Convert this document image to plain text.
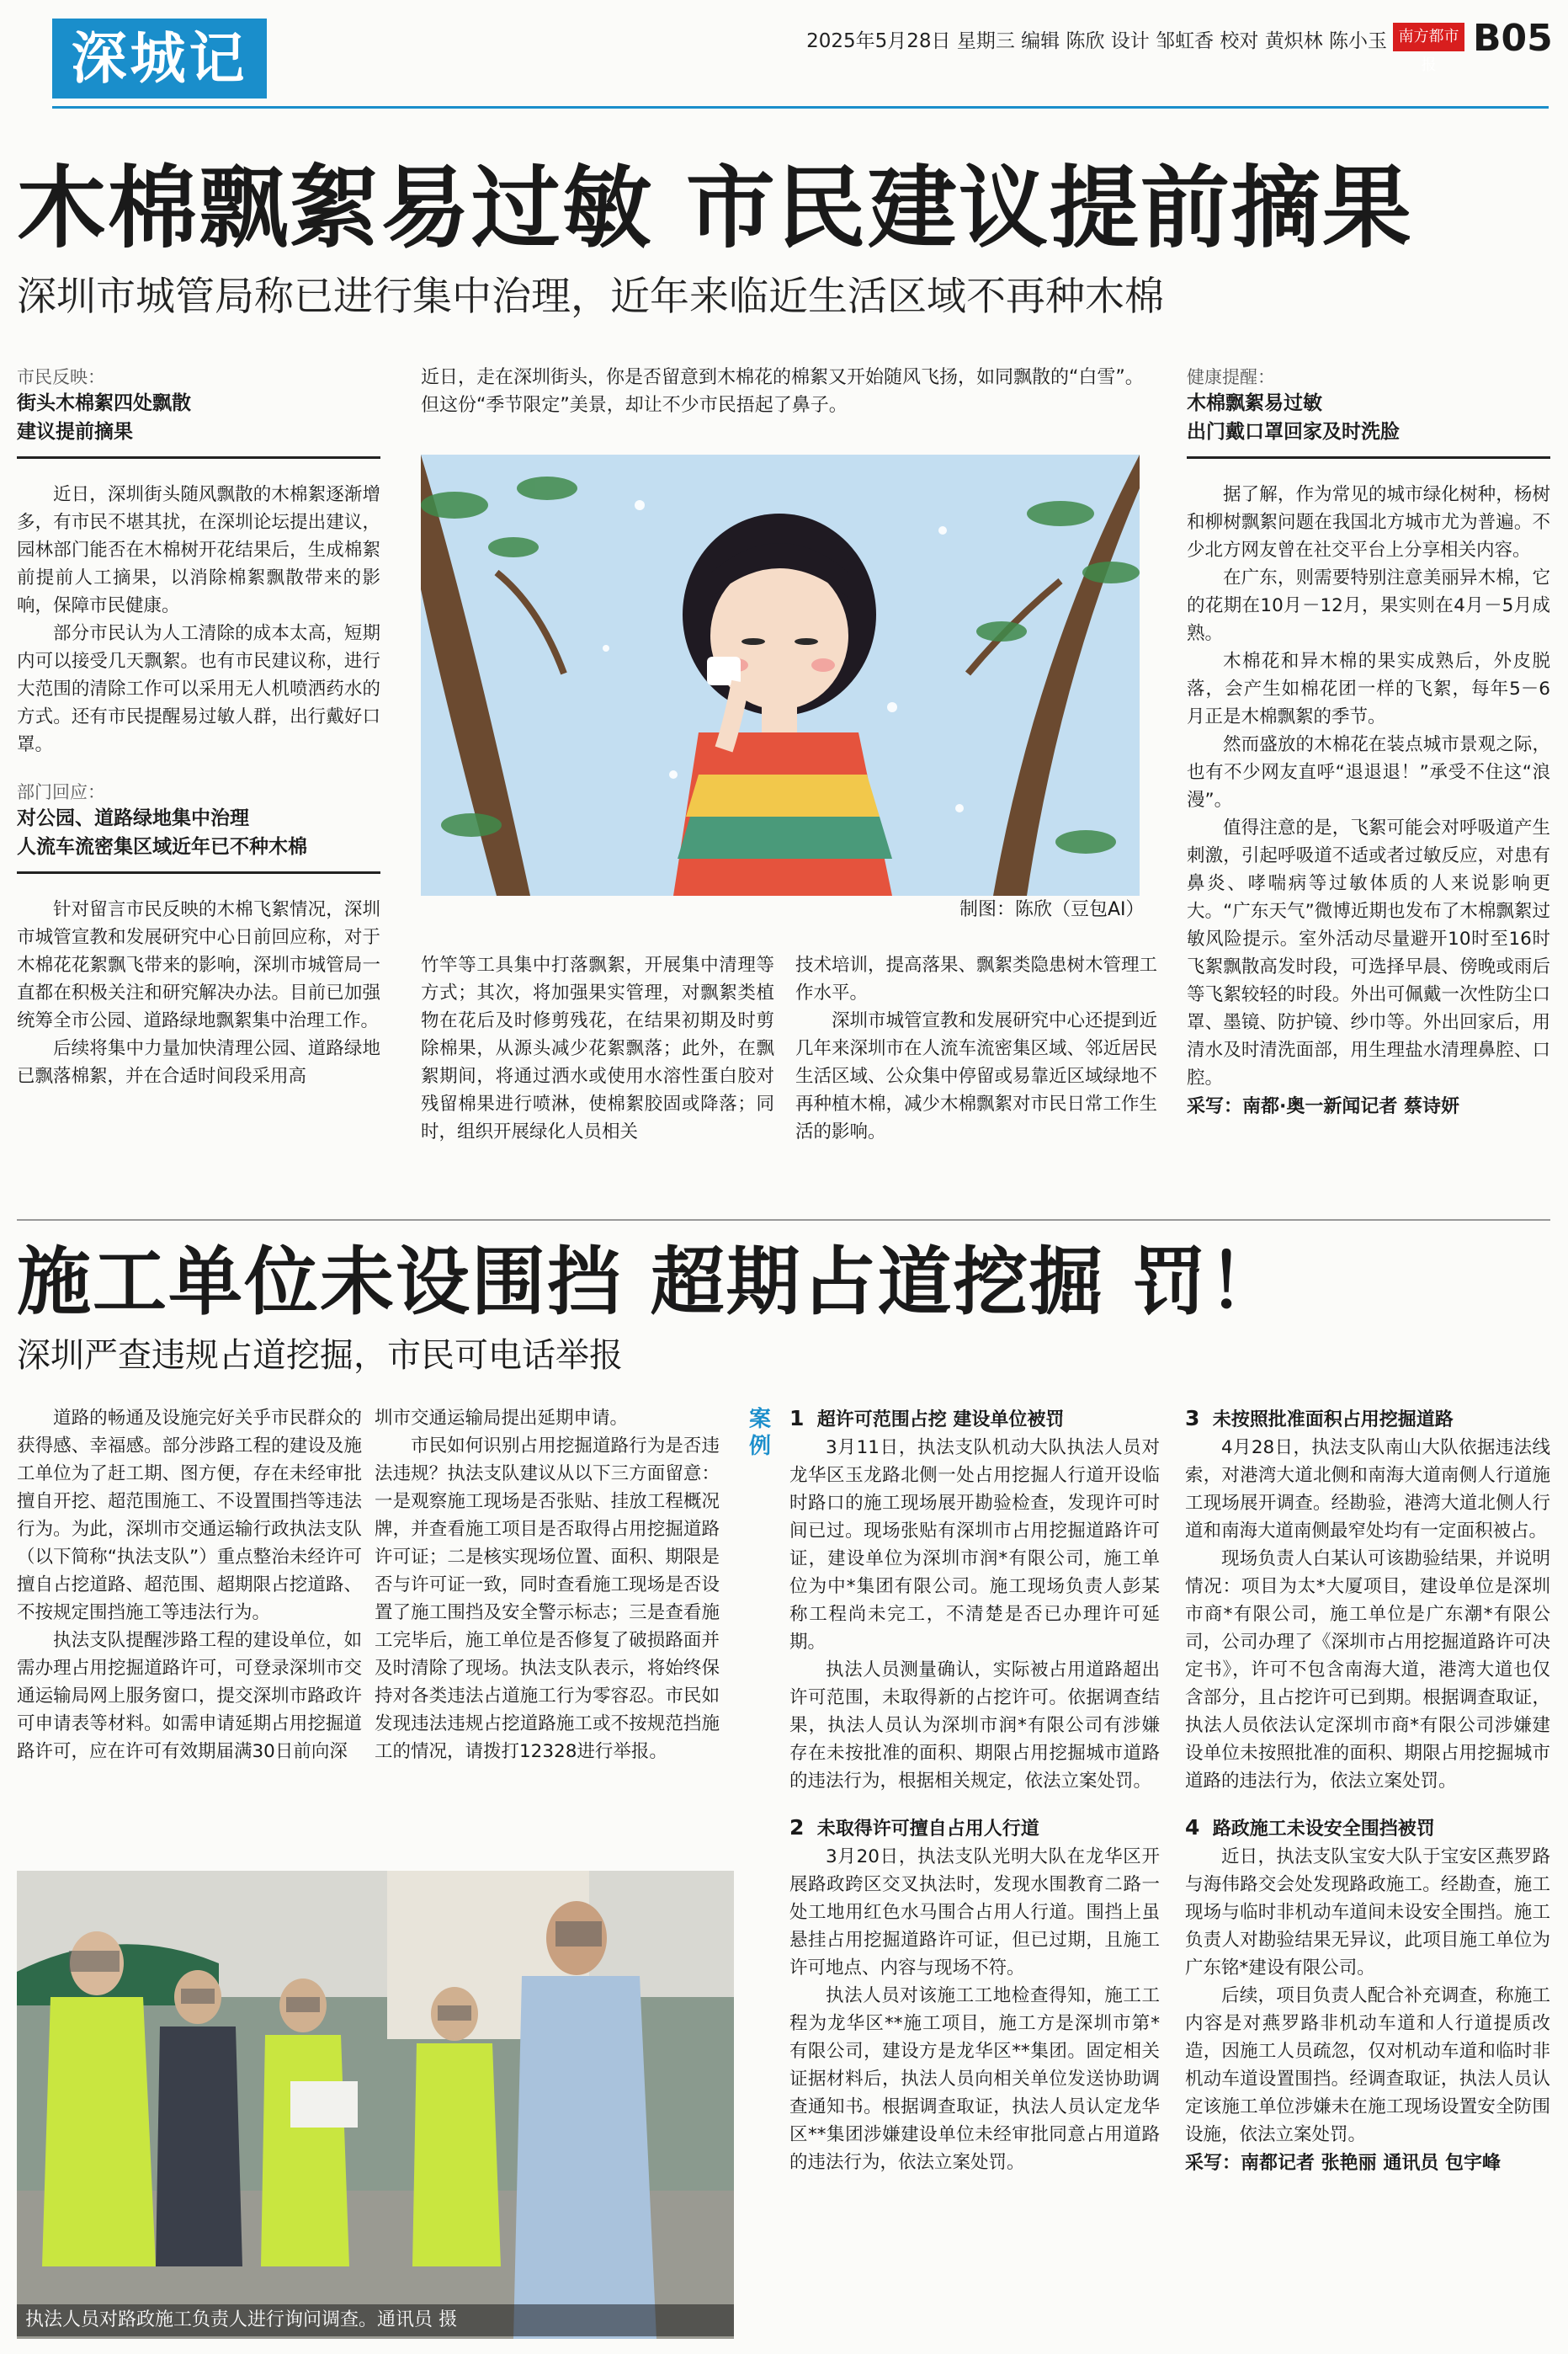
深城记	2025年5月28日 星期三 编辑 陈欣 设计 邹虹香 校对 黄炽林 陈小玉 南方都市报
B05
木棉飘絮易过敏 市民建议提前摘果
深圳市城管局称已进行集中治理，近年来临近生活区域不再种木棉
市民反映：
街头木棉絮四处飘散
建议提前摘果

近日，深圳街头随风飘散的木棉絮逐渐增多，有市民不堪其扰，在深圳论坛提出建议，园林部门能否在木棉树开花结果后，生成棉絮前提前人工摘果，以消除棉絮飘散带来的影响，保障市民健康。

部分市民认为人工清除的成本太高，短期内可以接受几天飘絮。也有市民建议称，进行大范围的清除工作可以采用无人机喷洒药水的方式。还有市民提醒易过敏人群，出行戴好口罩。

部门回应：
对公园、道路绿地集中治理
人流车流密集区域近年已不种木棉

针对留言市民反映的木棉飞絮情况，深圳市城管宣教和发展研究中心日前回应称，对于木棉花花絮飘飞带来的影响，深圳市城管局一直都在积极关注和研究解决办法。目前已加强统筹全市公园、道路绿地飘絮集中治理工作。

后续将集中力量加快清理公园、道路绿地已飘落棉絮，并在合适时间段采用高

近日，走在深圳街头，你是否留意到木棉花的棉絮又开始随风飞扬，如同飘散的“白雪”。但这份“季节限定”美景，却让不少市民捂起了鼻子。
制图：陈欣（豆包AI）

竹竿等工具集中打落飘絮，开展集中清理等方式；其次，将加强果实管理，对飘絮类植物在花后及时修剪残花，在结果初期及时剪除棉果，从源头减少花絮飘落；此外，在飘絮期间，将通过洒水或使用水溶性蛋白胶对残留棉果进行喷淋，使棉絮胶固或降落；同时，组织开展绿化人员相关

技术培训，提高落果、飘絮类隐患树木管理工作水平。

深圳市城管宣教和发展研究中心还提到近几年来深圳市在人流车流密集区域、邻近居民生活区域、公众集中停留或易靠近区域绿地不再种植木棉，减少木棉飘絮对市民日常工作生活的影响。

健康提醒：
木棉飘絮易过敏
出门戴口罩回家及时洗脸

据了解，作为常见的城市绿化树种，杨树和柳树飘絮问题在我国北方城市尤为普遍。不少北方网友曾在社交平台上分享相关内容。

在广东，则需要特别注意美丽异木棉，它的花期在10月－12月，果实则在4月－5月成熟。

木棉花和异木棉的果实成熟后，外皮脱落，会产生如棉花团一样的飞絮，每年5－6月正是木棉飘絮的季节。

然而盛放的木棉花在装点城市景观之际，也有不少网友直呼“退退退！”承受不住这“浪漫”。

值得注意的是，飞絮可能会对呼吸道产生刺激，引起呼吸道不适或者过敏反应，对患有鼻炎、哮喘病等过敏体质的人来说影响更大。“广东天气”微博近期也发布了木棉飘絮过敏风险提示。室外活动尽量避开10时至16时飞絮飘散高发时段，可选择早晨、傍晚或雨后等飞絮较轻的时段。外出可佩戴一次性防尘口罩、墨镜、防护镜、纱巾等。外出回家后，用清水及时清洗面部，用生理盐水清理鼻腔、口腔。

采写：南都·奥一新闻记者 蔡诗妍
施工单位未设围挡 超期占道挖掘 罚！
深圳严查违规占道挖掘，市民可电话举报

道路的畅通及设施完好关乎市民群众的获得感、幸福感。部分涉路工程的建设及施工单位为了赶工期、图方便，存在未经审批擅自开挖、超范围施工、不设置围挡等违法行为。为此，深圳市交通运输行政执法支队（以下简称“执法支队”）重点整治未经许可擅自占挖道路、超范围、超期限占挖道路、不按规定围挡施工等违法行为。

执法支队提醒涉路工程的建设单位，如需办理占用挖掘道路许可，可登录深圳市交通运输局网上服务窗口，提交深圳市路政许可申请表等材料。如需申请延期占用挖掘道路许可，应在许可有效期届满30日前向深

圳市交通运输局提出延期申请。

市民如何识别占用挖掘道路行为是否违法违规？执法支队建议从以下三方面留意：一是观察施工现场是否张贴、挂放工程概况牌，并查看施工项目是否取得占用挖掘道路许可证；二是核实现场位置、面积、期限是否与许可证一致，同时查看施工现场是否设置了施工围挡及安全警示标志；三是查看施工完毕后，施工单位是否修复了破损路面并及时清除了现场。执法支队表示，将始终保持对各类违法占道施工行为零容忍。市民如发现违法违规占挖道路施工或不按规范挡施工的情况，请拨打12328进行举报。

案例
1 超许可范围占挖 建设单位被罚

3月11日，执法支队机动大队执法人员对龙华区玉龙路北侧一处占用挖掘人行道开设临时路口的施工现场展开勘验检查，发现许可时间已过。现场张贴有深圳市占用挖掘道路许可证，建设单位为深圳市润*有限公司，施工单位为中*集团有限公司。施工现场负责人彭某称工程尚未完工，不清楚是否已办理许可延期。

执法人员测量确认，实际被占用道路超出许可范围，未取得新的占挖许可。依据调查结果，执法人员认为深圳市润*有限公司有涉嫌存在未按批准的面积、期限占用挖掘城市道路的违法行为，根据相关规定，依法立案处罚。

2 未取得许可擅自占用人行道

3月20日，执法支队光明大队在龙华区开展路政跨区交叉执法时，发现水围教育二路一处工地用红色水马围合占用人行道。围挡上虽悬挂占用挖掘道路许可证，但已过期，且施工许可地点、内容与现场不符。

执法人员对该施工工地检查得知，施工工程为龙华区**施工项目，施工方是深圳市第*有限公司，建设方是龙华区**集团。固定相关证据材料后，执法人员向相关单位发送协助调查通知书。根据调查取证，执法人员认定龙华区**集团涉嫌建设单位未经审批同意占用道路的违法行为，依法立案处罚。

3 未按照批准面积占用挖掘道路

4月28日，执法支队南山大队依据违法线索，对港湾大道北侧和南海大道南侧人行道施工现场展开调查。经勘验，港湾大道北侧人行道和南海大道南侧最窄处均有一定面积被占。

现场负责人白某认可该勘验结果，并说明情况：项目为太*大厦项目，建设单位是深圳市商*有限公司，施工单位是广东潮*有限公司，公司办理了《深圳市占用挖掘道路许可决定书》，许可不包含南海大道，港湾大道也仅含部分，且占挖许可已到期。根据调查取证，执法人员依法认定深圳市商*有限公司涉嫌建设单位未按照批准的面积、期限占用挖掘城市道路的违法行为，依法立案处罚。

4 路政施工未设安全围挡被罚

近日，执法支队宝安大队于宝安区燕罗路与海伟路交会处发现路政施工。经勘查，施工现场与临时非机动车道间未设安全围挡。施工负责人对勘验结果无异议，此项目施工单位为广东铭*建设有限公司。

后续，项目负责人配合补充调查，称施工内容是对燕罗路非机动车道和人行道提质改造，因施工人员疏忽，仅对机动车道和临时非机动车道设置围挡。经调查取证，执法人员认定该施工单位涉嫌未在施工现场设置安全防围设施，依法立案处罚。

采写：南都记者 张艳丽 通讯员 包宇峰
执法人员对路政施工负责人进行询问调查。通讯员 摄
